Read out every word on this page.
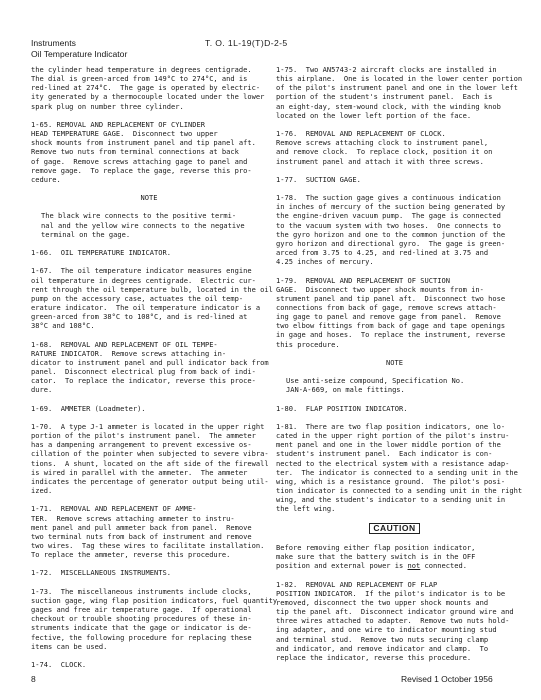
Instruments
Oil Temperature Indicator
T. O. 1L-19(T)D-2-5
the cylinder head temperature in degrees centigrade.
The dial is green-arced from 149°C to 274°C, and is
red-lined at 274°C.  The gage is operated by electric-
ity generated by a thermocouple located under the lower
spark plug on number three cylinder.
1-65. REMOVAL AND REPLACEMENT OF CYLINDER
HEAD TEMPERATURE GAGE.  Disconnect two upper
shock mounts from instrument panel and tip panel aft.
Remove two nuts from terminal connections at back
of gage.  Remove screws attaching gage to panel and
remove gage.  To replace the gage, reverse this pro-
cedure.
NOTE
The black wire connects to the positive termi-
nal and the yellow wire connects to the negative
terminal on the gage.
1-66.  OIL TEMPERATURE INDICATOR.
1-67.  The oil temperature indicator measures engine
oil temperature in degrees centigrade.  Electric cur-
rent through the oil temperature bulb, located in the oil
pump on the accessory case, actuates the oil temp-
erature indicator.  The oil temperature indicator is a
green-arced from 38°C to 108°C, and is red-lined at
38°C and 108°C.
1-68.  REMOVAL AND REPLACEMENT OF OIL TEMPE-
RATURE INDICATOR.  Remove screws attaching in-
dicator to instrument panel and pull indicator back from
panel.  Disconnect electrical plug from back of indi-
cator.  To replace the indicator, reverse this proce-
dure.
1-69.  AMMETER (Loadmeter).
1-70.  A type J-1 ammeter is located in the upper right
portion of the pilot's instrument panel.  The ammeter
has a dampening arrangement to prevent excessive os-
cillation of the pointer when subjected to severe vibra-
tions.  A shunt, located on the aft side of the firewall
is wired in parallel with the ammeter.  The ammeter
indicates the percentage of generator output being util-
ized.
1-71.  REMOVAL AND REPLACEMENT OF AMME-
TER.  Remove screws attaching ammeter to instru-
ment panel and pull ammeter back from panel.  Remove
two terminal nuts from back of instrument and remove
two wires.  Tag these wires to facilitate installation.
To replace the ammeter, reverse this procedure.
1-72.  MISCELLANEOUS INSTRUMENTS.
1-73.  The miscellaneous instruments include clocks,
suction gage, wing flap position indicators, fuel quantity
gages and free air temperature gage.  If operational
checkout or trouble shooting procedures of these in-
struments indicate that the gage or indicator is de-
fective, the following procedure for replacing these
items can be used.
1-74.  CLOCK.
1-75.  Two AN5743-2 aircraft clocks are installed in
this airplane.  One is located in the lower center portion
of the pilot's instrument panel and one in the lower left
portion of the student's instrument panel.  Each is
an eight-day, stem-wound clock, with the winding knob
located on the lower left portion of the face.
1-76.  REMOVAL AND REPLACEMENT OF CLOCK.
Remove screws attaching clock to instrument panel,
and remove clock.  To replace clock, position it on
instrument panel and attach it with three screws.
1-77.  SUCTION GAGE.
1-78.  The suction gage gives a continuous indication
in inches of mercury of the suction being generated by
the engine-driven vacuum pump.  The gage is connected
to the vacuum system with two hoses.  One connects to
the gyro horizon and one to the common junction of the
gyro horizon and directional gyro.  The gage is green-
arced from 3.75 to 4.25, and red-lined at 3.75 and
4.25 inches of mercury.
1-79.  REMOVAL AND REPLACEMENT OF SUCTION
GAGE.  Disconnect two upper shock mounts from in-
strument panel and tip panel aft.  Disconnect two hose
connections from back of gage, remove screws attach-
ing gage to panel and remove gage from panel.  Remove
two elbow fittings from back of gage and tape openings
in gage and hoses.  To replace the instrument, reverse
this procedure.
NOTE
Use anti-seize compound, Specification No.
JAN-A-669, on male fittings.
1-80.  FLAP POSITION INDICATOR.
1-81.  There are two flap position indicators, one lo-
cated in the upper right portion of the pilot's instru-
ment panel and one in the lower middle portion of the
student's instrument panel.  Each indicator is con-
nected to the electrical system with a resistance adap-
ter.  The indicator is connected to a sending unit in the
wing, which is a resistance ground.  The pilot's posi-
tion indicator is connected to a sending unit in the right
wing, and the student's indicator to a sending unit in
the left wing.
CAUTION
Before removing either flap position indicator,
make sure that the battery switch is in the OFF
position and external power is not connected.
1-82.  REMOVAL AND REPLACEMENT OF FLAP
POSITION INDICATOR.  If the pilot's indicator is to be
removed, disconnect the two upper shock mounts and
tip the panel aft.  Disconnect indicator ground wire and
three wires attached to adapter.  Remove two nuts hold-
ing adapter, and one wire to indicator mounting stud
and terminal stud.  Remove two nuts securing clamp
and indicator, and remove indicator and clamp.  To
replace the indicator, reverse this procedure.
8	Revised 1 October 1956
